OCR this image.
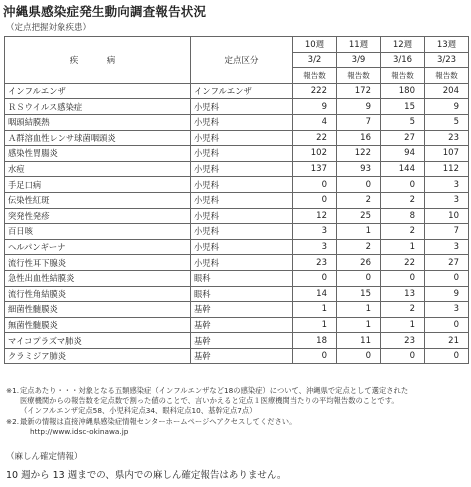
沖縄県感染症発生動向調査報告状況
（定点把握対象疾患）
疾　病	定点区分	10週	11週	12週	13週
		3/2	3/9	3/16	3/23
		報告数	報告数	報告数	報告数
インフルエンザ	インフルエンザ	222	172	180	204
ＲＳウイルス感染症	小児科	9	9	15	9
咽頭結膜熱	小児科	4	7	5	5
Ａ群溶血性レンサ球菌咽頭炎	小児科	22	16	27	23
感染性胃腸炎	小児科	102	122	94	107
水痘	小児科	137	93	144	112
手足口病	小児科	0	0	0	3
伝染性紅斑	小児科	0	2	2	3
突発性発疹	小児科	12	25	8	10
百日咳	小児科	3	1	2	7
ヘルパンギーナ	小児科	3	2	1	3
流行性耳下腺炎	小児科	23	26	22	27
急性出血性結膜炎	眼科	0	0	0	0
流行性角結膜炎	眼科	14	15	13	9
細菌性髄膜炎	基幹	1	1	2	3
無菌性髄膜炎	基幹	1	1	1	0
マイコプラズマ肺炎	基幹	18	11	23	21
クラミジア肺炎	基幹	0	0	0	0
※1. 定点あたり・・・対象となる五類感染症（インフルエンザなど18の感染症）について、沖縄県で定点として選定された
医療機関からの報告数を定点数で割った値のことで、言いかえると定点１医療機関当たりの平均報告数のことです。
（インフルエンザ定点58、小児科定点34、眼科定点10、基幹定点7点）
※2. 最新の情報は直接沖縄県感染症情報センターホームページへアクセスしてください。
http://www.idsc-okinawa.jp
（麻しん確定情報）
10 週から 13 週までの、県内での麻しん確定報告はありません。
